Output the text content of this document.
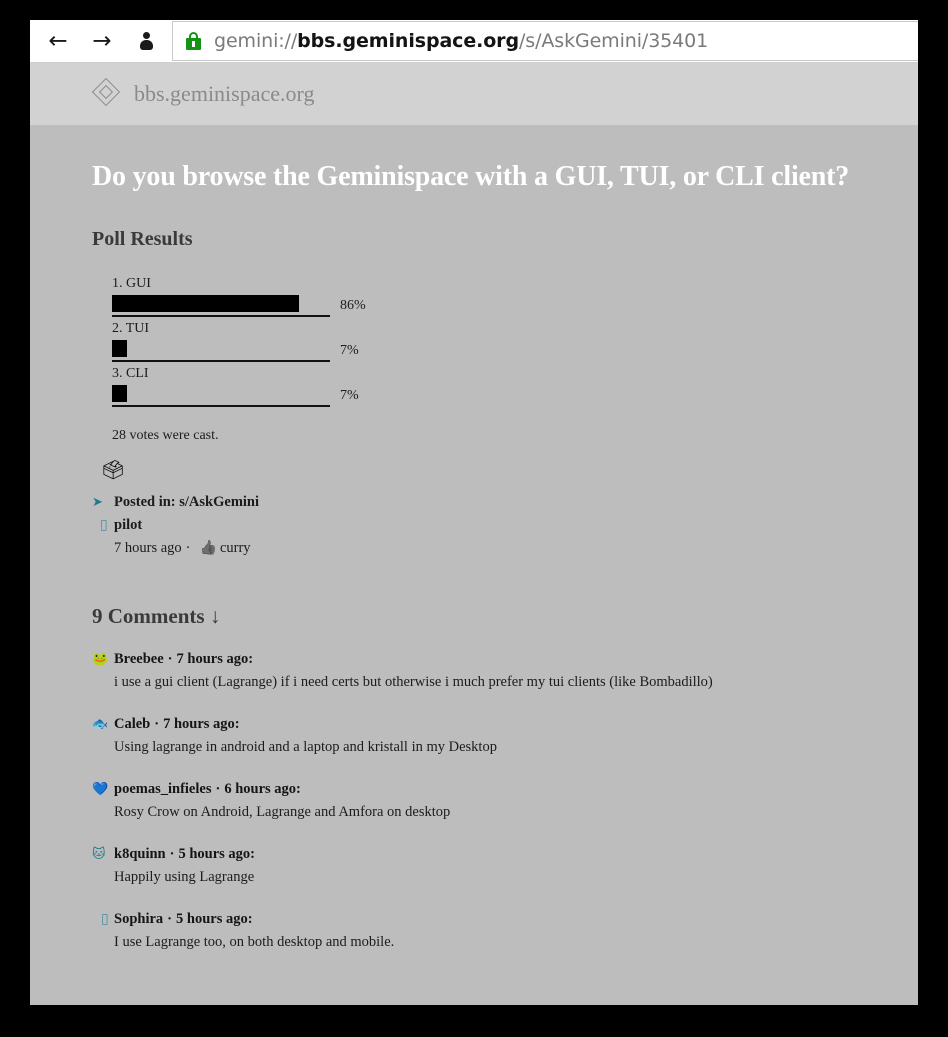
←	→	gemini://bbs.geminispace.org/s/AskGemini/35401
bbs.geminispace.org
Do you browse the Geminispace with a GUI, TUI, or CLI client?
Poll Results
1. GUI
86%
2. TUI
7%
3. CLI
7%
28 votes were cast.
🗳
➤ Posted in: s/AskGemini
▯ pilot
7 hours ago · 👍 curry
9 Comments ↓
🐸 Breebee · 7 hours ago:
i use a gui client (Lagrange) if i need certs but otherwise i much prefer my tui clients (like Bombadillo)
🐟 Caleb · 7 hours ago:
Using lagrange in android and a laptop and kristall in my Desktop
💙 poemas_infieles · 6 hours ago:
Rosy Crow on Android, Lagrange and Amfora on desktop
🐱 k8quinn · 5 hours ago:
Happily using Lagrange
▯ Sophira · 5 hours ago:
I use Lagrange too, on both desktop and mobile.
